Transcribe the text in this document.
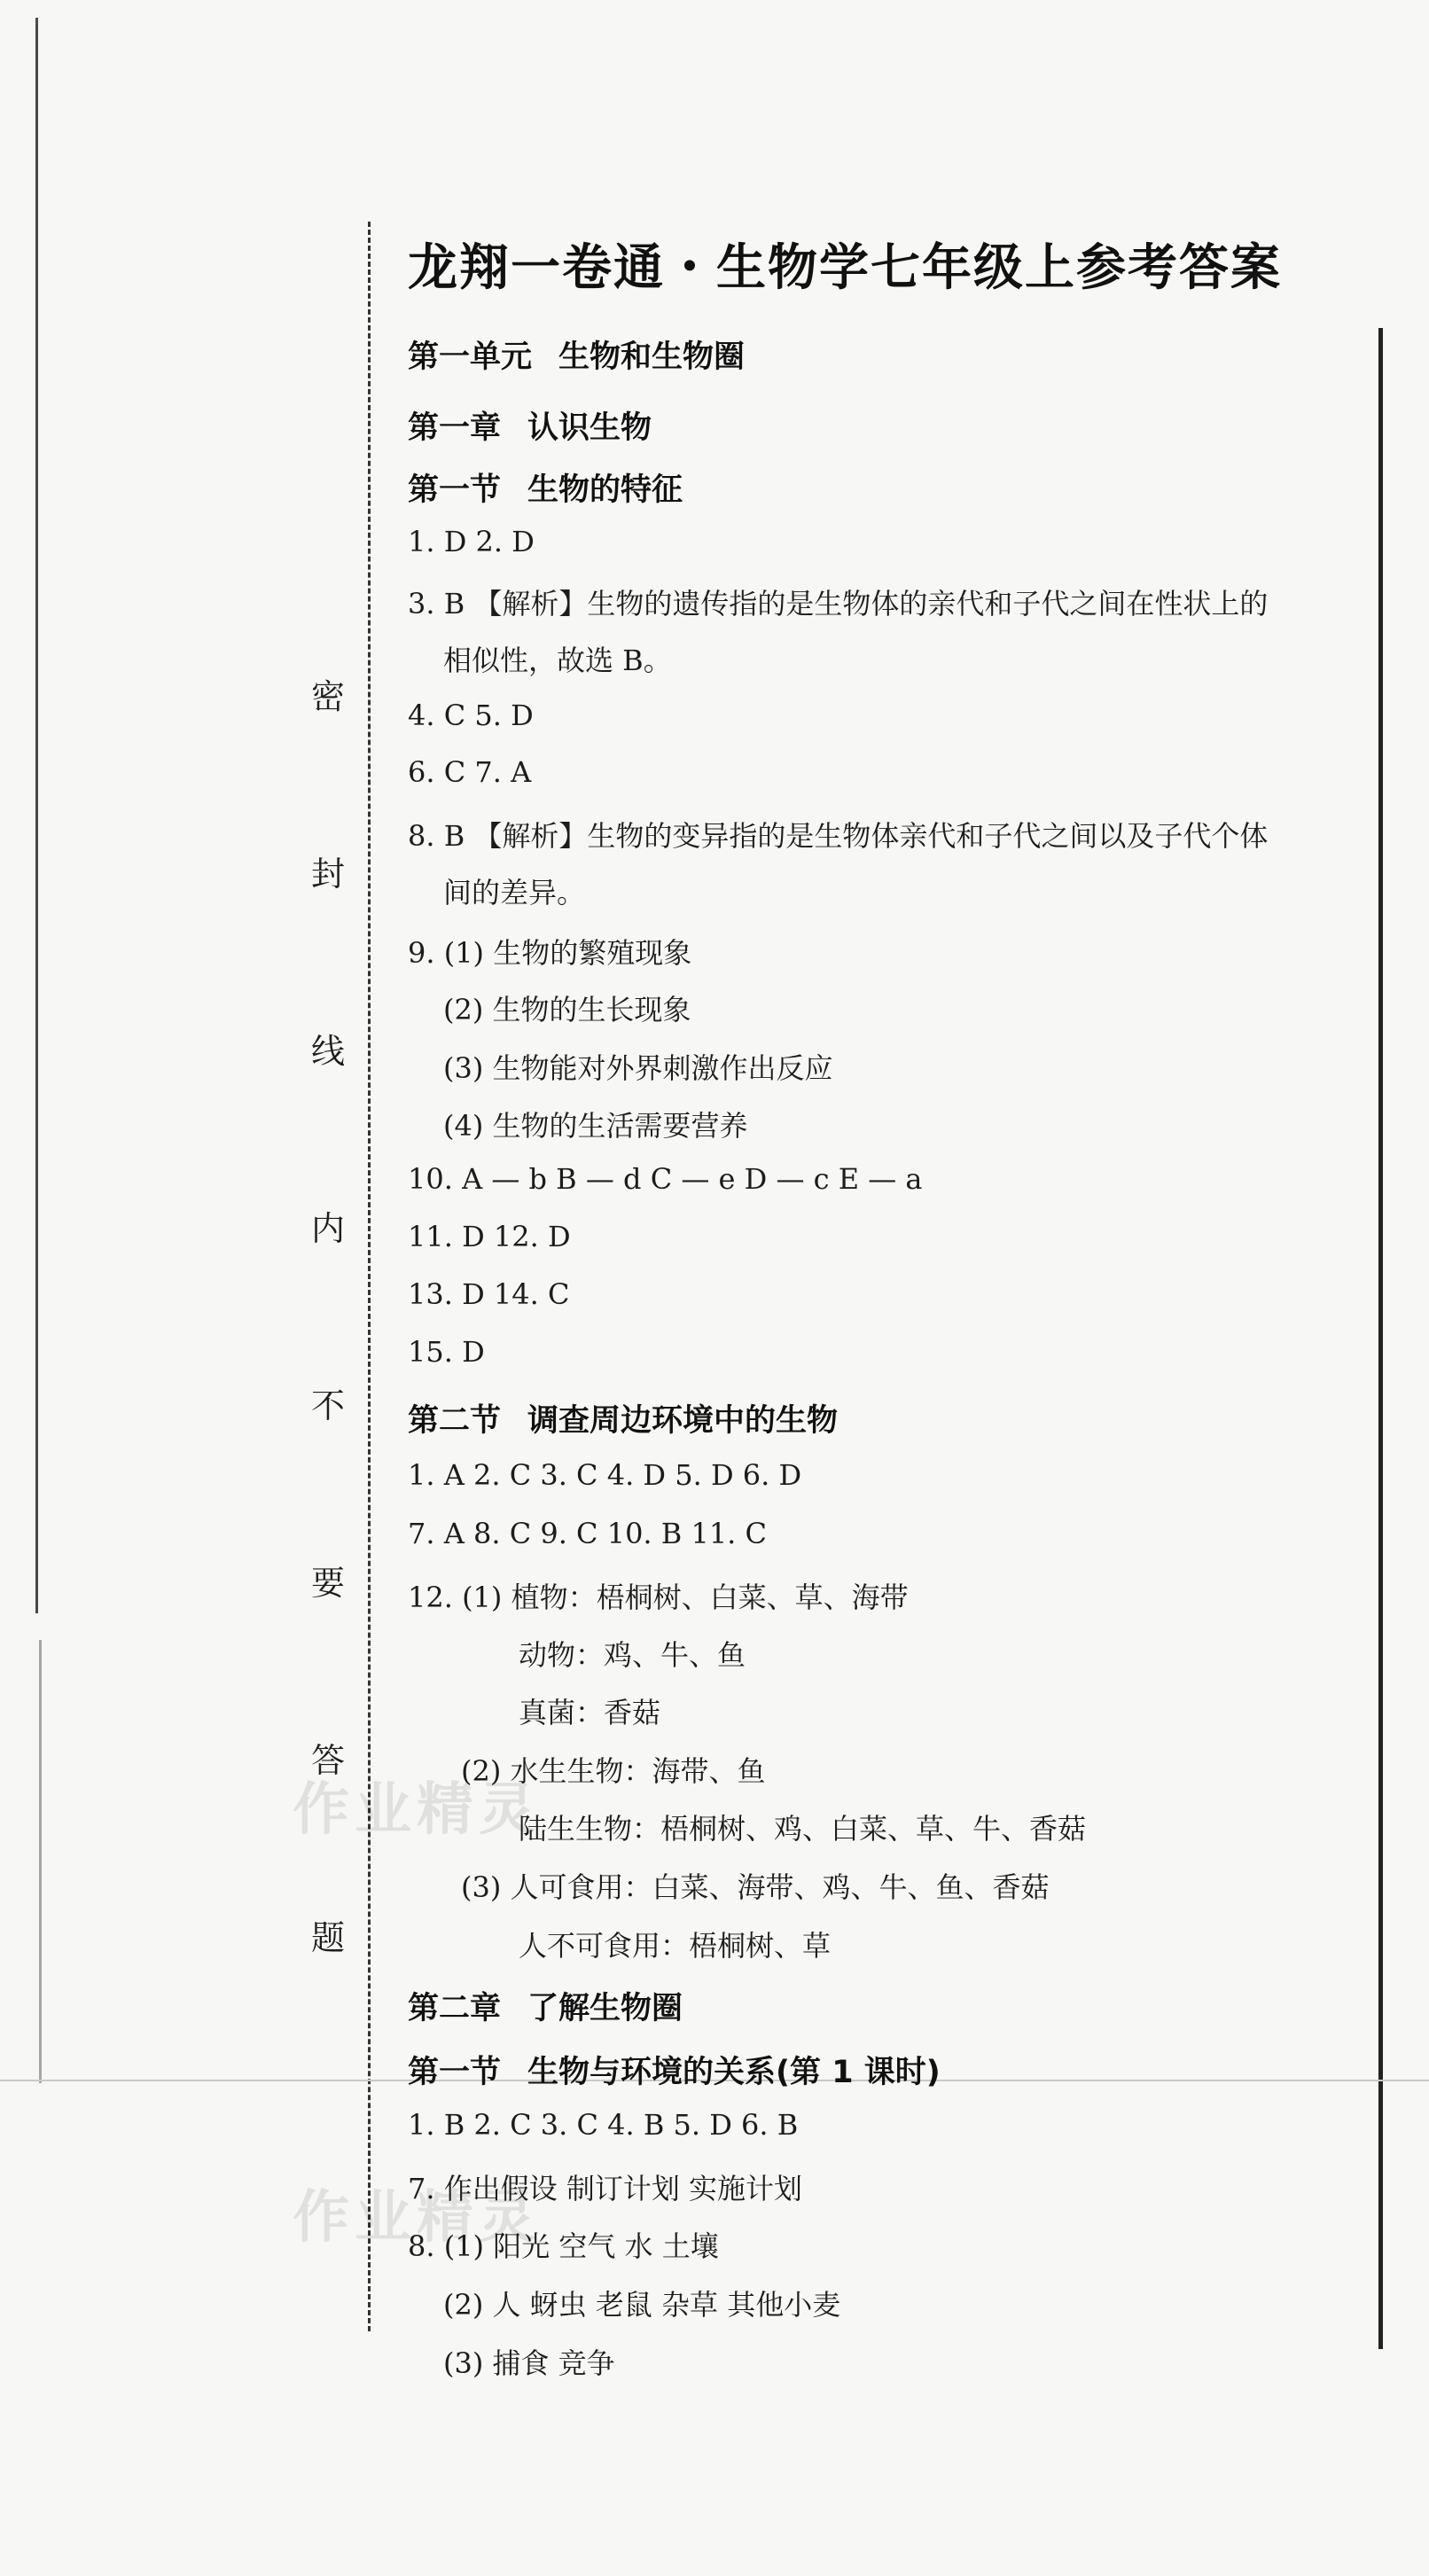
密
封
线
内
不
要
答
题
作业精灵
作业精灵
龙翔一卷通・生物学七年级上参考答案
第一单元 生物和生物圈
第一章 认识生物
第一节 生物的特征
1. D 2. D
3. B 【解析】生物的遗传指的是生物体的亲代和子代之间在性状上的
相似性，故选 B。
4. C 5. D
6. C 7. A
8. B 【解析】生物的变异指的是生物体亲代和子代之间以及子代个体
间的差异。
9. (1) 生物的繁殖现象
(2) 生物的生长现象
(3) 生物能对外界刺激作出反应
(4) 生物的生活需要营养
10. A — b B — d C — e D — c E — a
11. D 12. D
13. D 14. C
15. D
第二节 调查周边环境中的生物
1. A 2. C 3. C 4. D 5. D 6. D
7. A 8. C 9. C 10. B 11. C
12. (1) 植物：梧桐树、白菜、草、海带
动物：鸡、牛、鱼
真菌：香菇
(2) 水生生物：海带、鱼
陆生生物：梧桐树、鸡、白菜、草、牛、香菇
(3) 人可食用：白菜、海带、鸡、牛、鱼、香菇
人不可食用：梧桐树、草
第二章 了解生物圈
第一节 生物与环境的关系(第 1 课时)
1. B 2. C 3. C 4. B 5. D 6. B
7. 作出假设 制订计划 实施计划
8. (1) 阳光 空气 水 土壤
(2) 人 蚜虫 老鼠 杂草 其他小麦
(3) 捕食 竞争
